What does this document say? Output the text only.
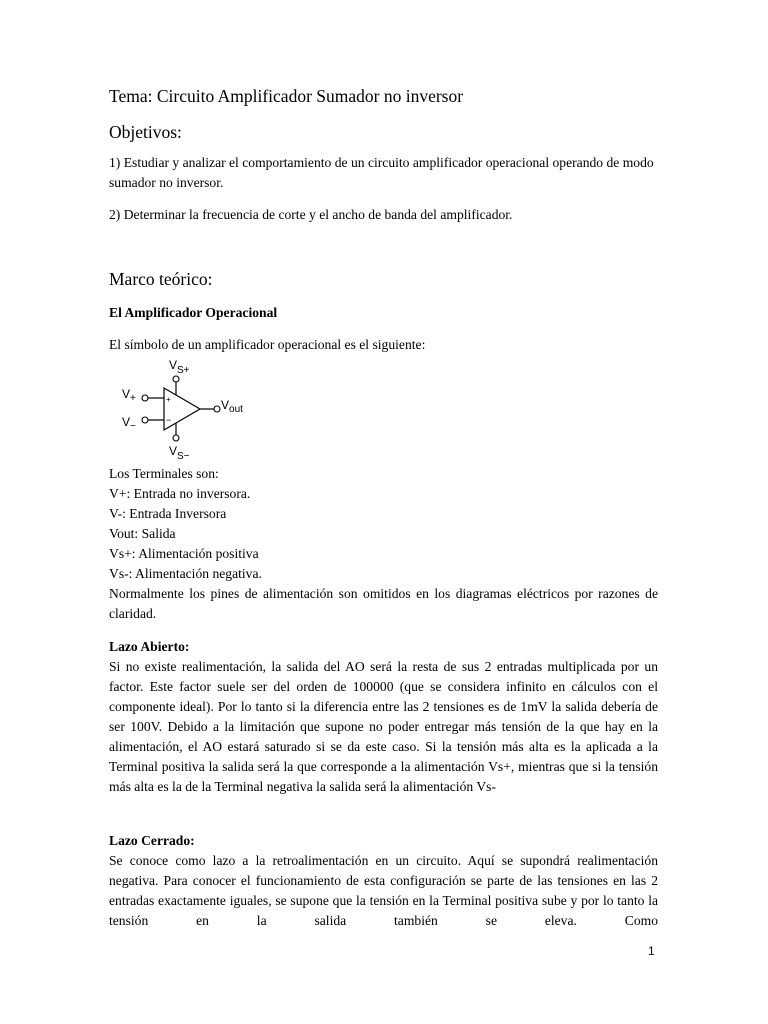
Tema: Circuito Amplificador Sumador no inversor

Objetivos:

1) Estudiar y analizar el comportamiento de un circuito amplificador operacional operando de modo sumador no inversor.

2) Determinar la frecuencia de corte y el ancho de banda del amplificador.

Marco teórico:

El Amplificador Operacional

El símbolo de un amplificador operacional es el siguiente:

+
−
$V_{S+}$
$V_+$
$V_-$
$V_{out}$
$V_{S-}$
Los Terminales son:
V+: Entrada no inversora.
V-: Entrada Inversora
Vout: Salida
Vs+: Alimentación positiva
Vs-: Alimentación negativa.

Normalmente los pines de alimentación son omitidos en los diagramas eléctricos por razones de claridad.

Lazo Abierto:

Si no existe realimentación, la salida del AO será la resta de sus 2 entradas multiplicada por un factor. Este factor suele ser del orden de 100000 (que se considera infinito en cálculos con el componente ideal). Por lo tanto si la diferencia entre las 2 tensiones es de 1mV la salida debería de ser 100V. Debido a la limitación que supone no poder entregar más tensión de la que hay en la alimentación, el AO estará saturado si se da este caso. Si la tensión más alta es la aplicada a la Terminal positiva la salida será la que corresponde a la alimentación Vs+, mientras que si la tensión más alta es la de la Terminal negativa la salida será la alimentación Vs-

Lazo Cerrado:

Se conoce como lazo a la retroalimentación en un circuito. Aquí se supondrá realimentación negativa. Para conocer el funcionamiento de esta configuración se parte de las tensiones en las 2 entradas exactamente iguales, se supone que la tensión en la Terminal positiva sube y por lo tanto la tensión en la salida también se eleva. Como

1
